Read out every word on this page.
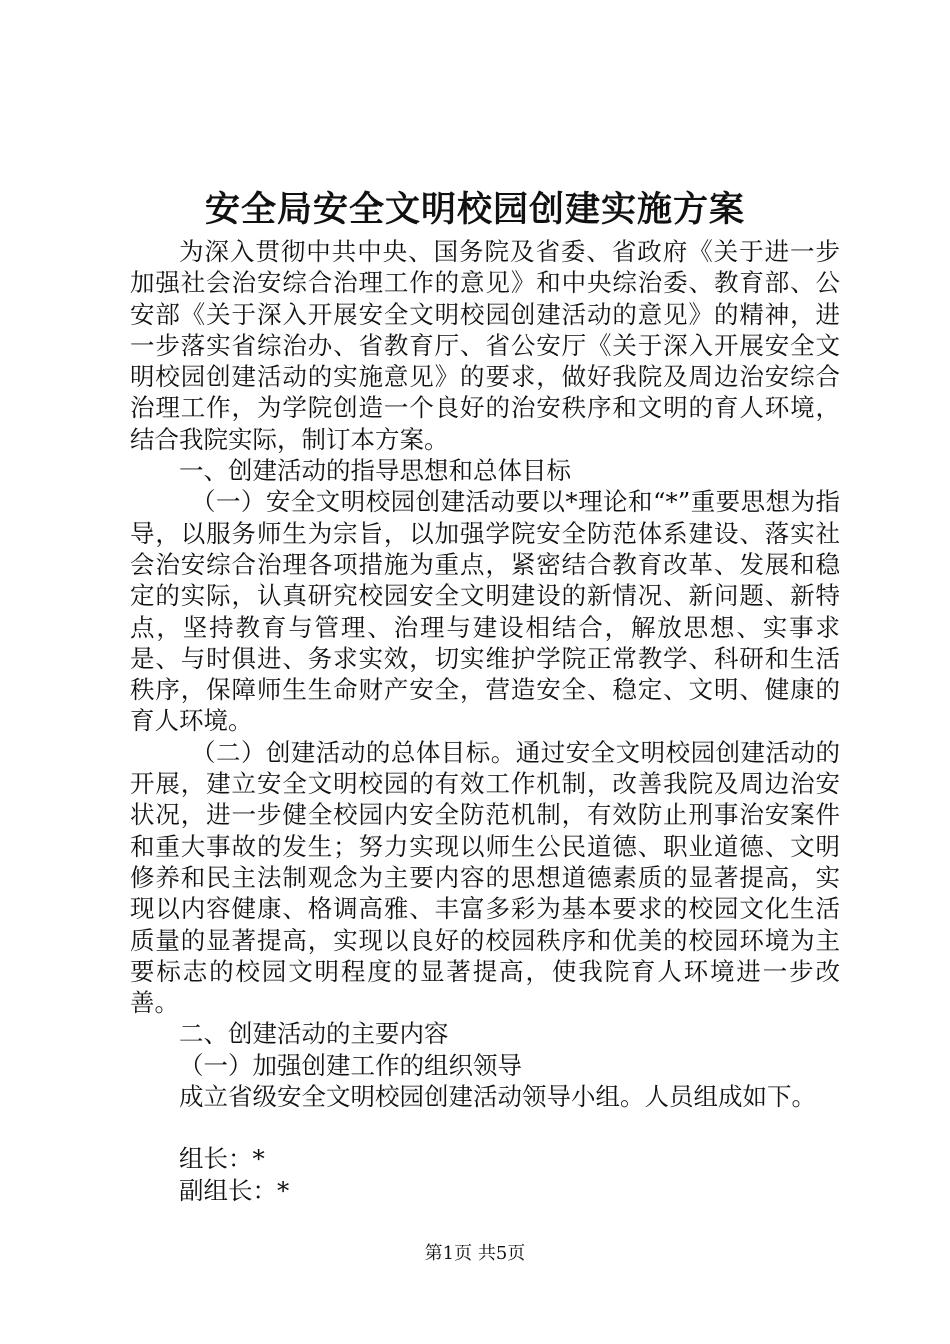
安全局安全文明校园创建实施方案

为深入贯彻中共中央、国务院及省委、省政府《关于进一步加强社会治安综合治理工作的意见》和中央综治委、教育部、公安部《关于深入开展安全文明校园创建活动的意见》的精神，进一步落实省综治办、省教育厅、省公安厅《关于深入开展安全文明校园创建活动的实施意见》的要求，做好我院及周边治安综合治理工作，为学院创造一个良好的治安秩序和文明的育人环境，结合我院实际，制订本方案。

一、创建活动的指导思想和总体目标

（一）安全文明校园创建活动要以*理论和“*”重要思想为指导，以服务师生为宗旨，以加强学院安全防范体系建设、落实社会治安综合治理各项措施为重点，紧密结合教育改革、发展和稳定的实际，认真研究校园安全文明建设的新情况、新问题、新特点，坚持教育与管理、治理与建设相结合，解放思想、实事求是、与时俱进、务求实效，切实维护学院正常教学、科研和生活秩序，保障师生生命财产安全，营造安全、稳定、文明、健康的育人环境。

（二）创建活动的总体目标。通过安全文明校园创建活动的开展，建立安全文明校园的有效工作机制，改善我院及周边治安状况，进一步健全校园内安全防范机制，有效防止刑事治安案件和重大事故的发生；努力实现以师生公民道德、职业道德、文明修养和民主法制观念为主要内容的思想道德素质的显著提高，实现以内容健康、格调高雅、丰富多彩为基本要求的校园文化生活质量的显著提高，实现以良好的校园秩序和优美的校园环境为主要标志的校园文明程度的显著提高，使我院育人环境进一步改善。

二、创建活动的主要内容

（一）加强创建工作的组织领导

成立省级安全文明校园创建活动领导小组。人员组成如下。

组长：*

副组长：*

第1页 共5页
